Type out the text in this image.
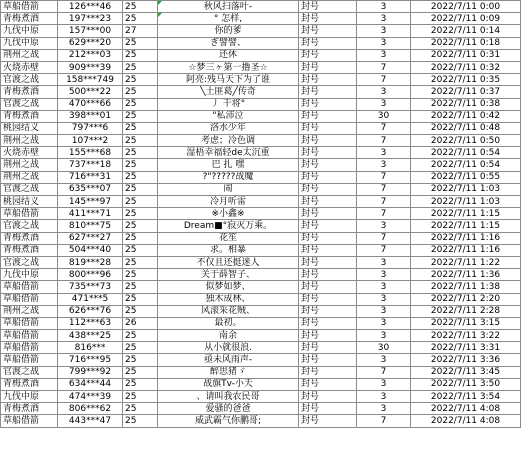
草船借箭	126***46	25	秋风扫落叶-	封号	3	2022/7/11 0:00
青梅煮酒	197***23	25	° 怎样,	封号	3	2022/7/11 0:09
九伐中原	157***00	27	你的爹	封号	3	2022/7/11 0:14
九伐中原	629***20	25	ぎ譬譬、	封号	3	2022/7/11 0:18
荆州之战	212***03	25	还休	封号	3	2022/7/11 0:31
火烧赤壁	909***39	25	☆梦三ヶ第一撸圣☆	封号	7	2022/7/11 0:32
官渡之战	158***749	25	阿亮:残马天下为了谁	封号	7	2022/7/11 0:35
青梅煮酒	500***22	25	╲土匪葛╱传奇	封号	3	2022/7/11 0:37
官渡之战	470***66	25	丿 干将°	封号	3	2022/7/11 0:38
青梅煮酒	398***01	25	"私沛泣	封号	30	2022/7/11 0:42
桃园结义	797***6	25	洛水少年	封号	7	2022/7/11 0:48
荆州之战	107***2	25	考虑；冷色调	封号	7	2022/7/11 0:50
火烧赤壁	155***68	25	湿梧幸福轻de太沉重	封号	3	2022/7/11 0:54
荆州之战	737***18	25	巴 扎 嘿	封号	3	2022/7/11 0:54
荆州之战	716***31	25	?"?????战魔	封号	7	2022/7/11 0:55
官渡之战	635***07	25	闹	封号	7	2022/7/11 1:03
桃园结义	145***97	25	冷月听雷	封号	7	2022/7/11 1:03
草船借箭	411***71	25	※小鑫※	封号	7	2022/7/11 1:15
官渡之战	810***75	25	Dream■°寂灭万乘。	封号	3	2022/7/11 1:15
青梅煮酒	627***27	25	花笙	封号	7	2022/7/11 1:16
青梅煮酒	504***40	25	求。相暴	封号	7	2022/7/11 1:16
官渡之战	819***28	25	不仅且还挺迷人	封号	3	2022/7/11 1:22
九伐中原	800***96	25	关于薛智子、	封号	3	2022/7/11 1:36
草船借箭	735***73	25	似梦如梦、	封号	3	2022/7/11 1:38
草船借箭	471***5	25	独木成林、	封号	3	2022/7/11 2:20
荆州之战	626***76	25	风滚采花贼、	封号	3	2022/7/11 2:28
草船借箭	112***63	26	最初。	封号	3	2022/7/11 3:15
草船借箭	438***25	25	南余	封号	3	2022/7/11 3:22
草船借箭	816***	25	从小就很浪.	封号	30	2022/7/11 3:31
草船借箭	716***95	25	亟未风雨声-	封号	3	2022/7/11 3:36
官渡之战	799***92	25	醉思猪ゞ	封号	7	2022/7/11 3:45
青梅煮酒	634***44	25	战旗Tv-小天	封号	3	2022/7/11 3:50
九伐中原	474***39	25	、请叫我农民哥	封号	3	2022/7/11 3:54
青梅煮酒	806***62	25	爱骚的爸爸	封号	3	2022/7/11 4:08
草船借箭	443***47	25	威武霸气你鹏哥;	封号	7	2022/7/11 4:08
